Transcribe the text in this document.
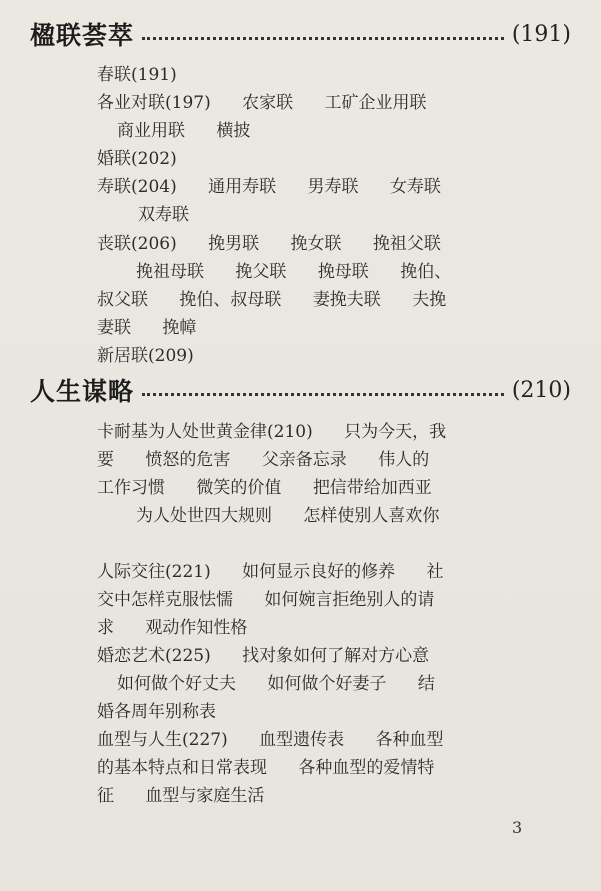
楹联荟萃	(191)
春联(191)
各业对联(197) 农家联 工矿企业用联
商业用联 横披
婚联(202)
寿联(204) 通用寿联 男寿联 女寿联
双寿联
丧联(206) 挽男联 挽女联 挽祖父联
挽祖母联 挽父联 挽母联 挽伯、
叔父联 挽伯、叔母联 妻挽夫联 夫挽
妻联 挽幛
新居联(209)
人生谋略	(210)
卡耐基为人处世黄金律(210) 只为今天，我
要 愤怒的危害 父亲备忘录 伟人的
工作习惯 微笑的价值 把信带给加西亚
为人处世四大规则 怎样使别人喜欢你
人际交往(221) 如何显示良好的修养 社
交中怎样克服怯懦 如何婉言拒绝别人的请
求 观动作知性格
婚恋艺术(225) 找对象如何了解对方心意
如何做个好丈夫 如何做个好妻子 结
婚各周年别称表
血型与人生(227) 血型遗传表 各种血型
的基本特点和日常表现 各种血型的爱情特
征 血型与家庭生活
3
